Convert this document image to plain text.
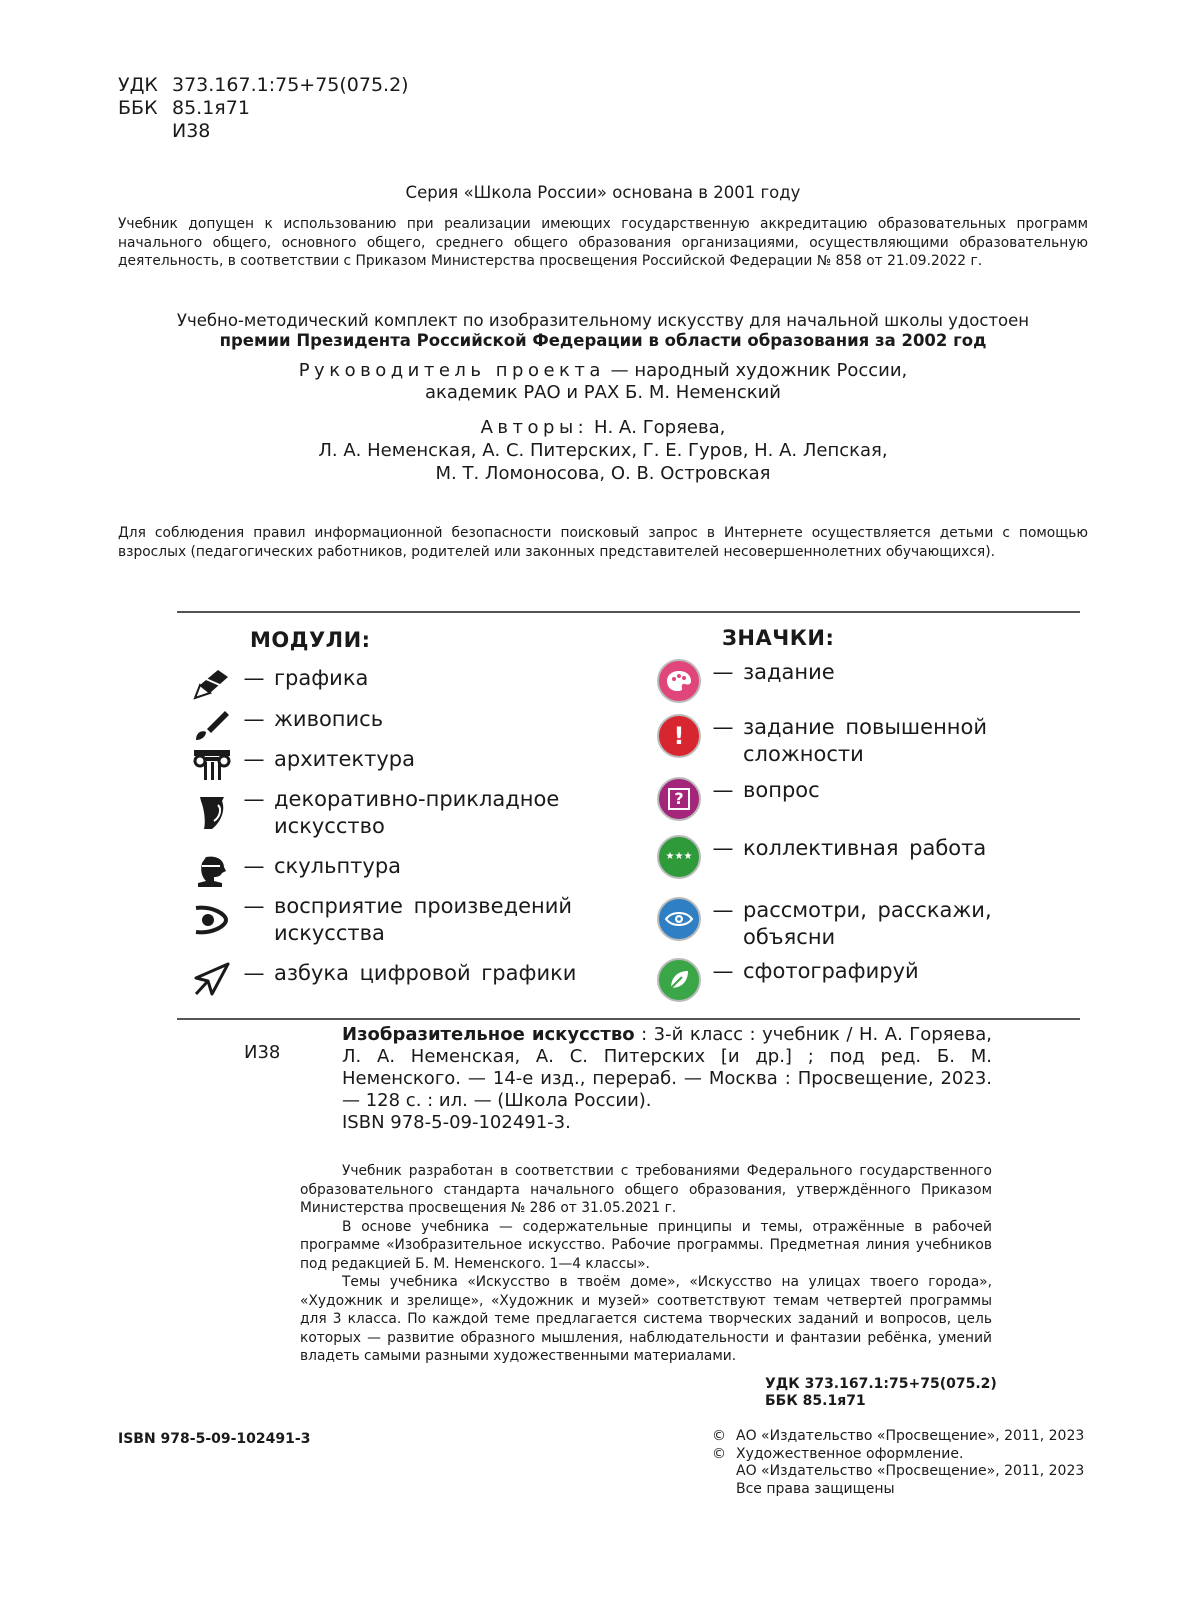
УДК 373.167.1:75+75(075.2)
ББК 85.1я71
И38
Серия «Школа России» основана в 2001 году
Учебник допущен к использованию при реализации имеющих государственную аккредитацию образовательных программ начального общего, основного общего, среднего общего образования организациями, осуществляющими образовательную деятельность, в соответствии с Приказом Министерства просвещения Российской Федерации № 858 от 21.09.2022 г.
Учебно-методический комплект по изобразительному искусству для начальной школы удостоен
премии Президента Российской Федерации в области образования за 2002 год
Руководитель проекта — народный художник России,
академик РАО и РАХ Б. М. Неменский
Авторы: Н. А. Горяева,
Л. А. Неменская, А. С. Питерских, Г. Е. Гуров, Н. А. Лепская,
М. Т. Ломоносова, О. В. Островская
Для соблюдения правил информационной безопасности поисковый запрос в Интернете осуществляется детьми с помощью взрослых (педагогических работников, родителей или законных представителей несовершеннолетних обучающихся).
МОДУЛИ:
— графика
— живопись
— архитектура
— декоративно-прикладное искусство
— скульптура
— восприятие произведений искусства
— азбука цифровой графики
ЗНАЧКИ:
— задание
!	— задание повышенной сложности
?	— вопрос
★★★ — коллективная работа
— рассмотри, расскажи, объясни
— сфотографируй
И38
Изобразительное искусство : 3-й класс : учебник / Н. А. Горяева, Л. А. Неменская, А. С. Питерских [и др.] ; под ред. Б. М. Неменского. — 14-е изд., перераб. — Москва : Просвещение, 2023. — 128 с. : ил. — (Школа России).
ISBN 978-5-09-102491-3.

Учебник разработан в соответствии с требованиями Федерального государственного образовательного стандарта начального общего образования, утверждённого Приказом Министерства просвещения № 286 от 31.05.2021 г.

В основе учебника — содержательные принципы и темы, отражённые в рабочей программе «Изобразительное искусство. Рабочие программы. Предметная линия учебников под редакцией Б. М. Неменского. 1—4 классы».

Темы учебника «Искусство в твоём доме», «Искусство на улицах твоего города», «Художник и зрелище», «Художник и музей» соответствуют темам четвертей программы для 3 класса. По каждой теме предлагается система творческих заданий и вопросов, цель которых — развитие образного мышления, наблюдательности и фантазии ребёнка, умений владеть самыми разными художественными материалами.

УДК 373.167.1:75+75(075.2)
ББК 85.1я71
ISBN 978-5-09-102491-3	© АО «Издательство «Просвещение», 2011, 2023
© Художественное оформление.
АО «Издательство «Просвещение», 2011, 2023
Все права защищены
